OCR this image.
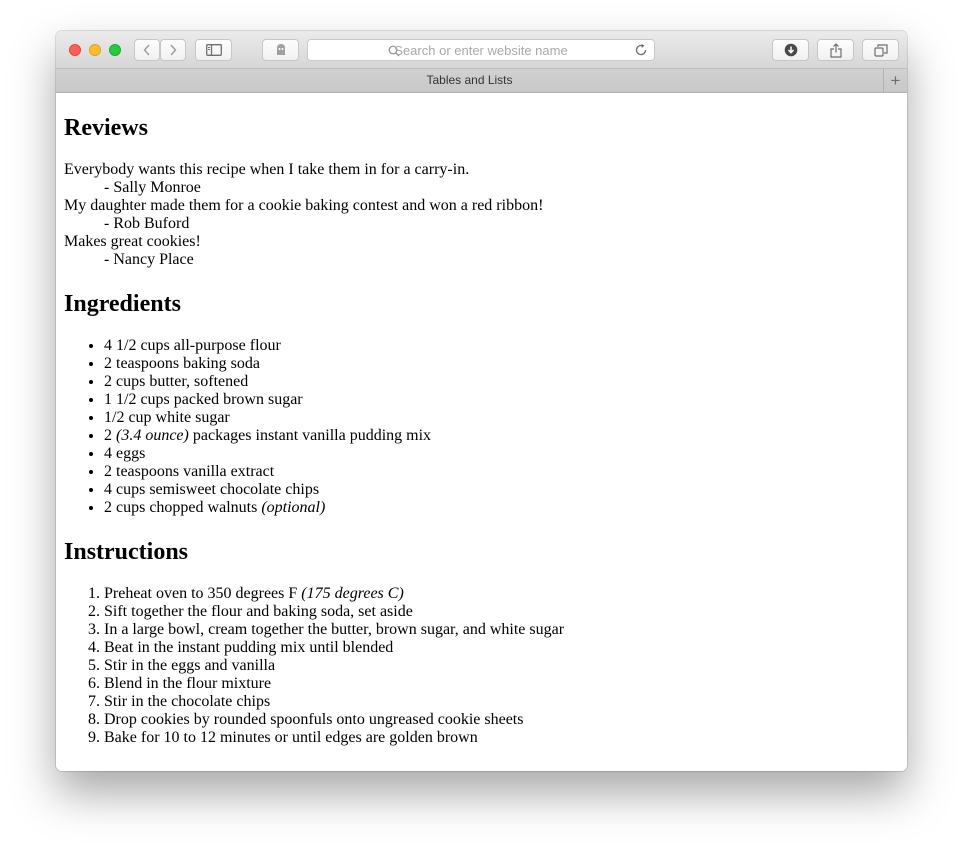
Search or enter website name
Tables and Lists	+
Reviews
Everybody wants this recipe when I take them in for a carry-in.
- Sally Monroe
My daughter made them for a cookie baking contest and won a red ribbon!
- Rob Buford
Makes great cookies!
- Nancy Place
Ingredients
• 4 1/2 cups all-purpose flour
• 2 teaspoons baking soda
• 2 cups butter, softened
• 1 1/2 cups packed brown sugar
• 1/2 cup white sugar
• 2 (3.4 ounce) packages instant vanilla pudding mix
• 4 eggs
• 2 teaspoons vanilla extract
• 4 cups semisweet chocolate chips
• 2 cups chopped walnuts (optional)
Instructions
1. Preheat oven to 350 degrees F (175 degrees C)
2. Sift together the flour and baking soda, set aside
3. In a large bowl, cream together the butter, brown sugar, and white sugar
4. Beat in the instant pudding mix until blended
5. Stir in the eggs and vanilla
6. Blend in the flour mixture
7. Stir in the chocolate chips
8. Drop cookies by rounded spoonfuls onto ungreased cookie sheets
9. Bake for 10 to 12 minutes or until edges are golden brown
